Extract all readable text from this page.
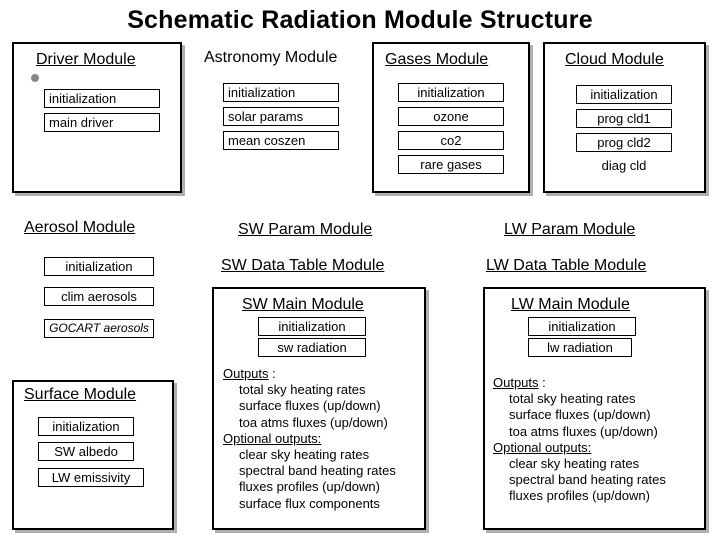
Schematic Radiation Module Structure
Driver Module
initialization
main driver
Astronomy Module
initialization
solar params
mean coszen
Gases Module
initialization
ozone
co2
rare gases
Cloud Module
initialization
prog cld1
prog cld2
diag cld
Aerosol Module
initialization
clim aerosols
GOCART aerosols
Surface Module
initialization
SW albedo
LW emissivity
SW Param Module
SW Data Table Module
SW Main Module
initialization
sw radiation
Outputs :
total sky heating rates
surface fluxes (up/down)
toa atms fluxes (up/down)
Optional outputs:
clear sky heating rates
spectral band heating rates
fluxes profiles (up/down)
surface flux components
LW Param Module
LW Data Table Module
LW Main Module
initialization
lw radiation
Outputs :
total sky heating rates
surface fluxes (up/down)
toa atms fluxes (up/down)
Optional outputs:
clear sky heating rates
spectral band heating rates
fluxes profiles (up/down)
